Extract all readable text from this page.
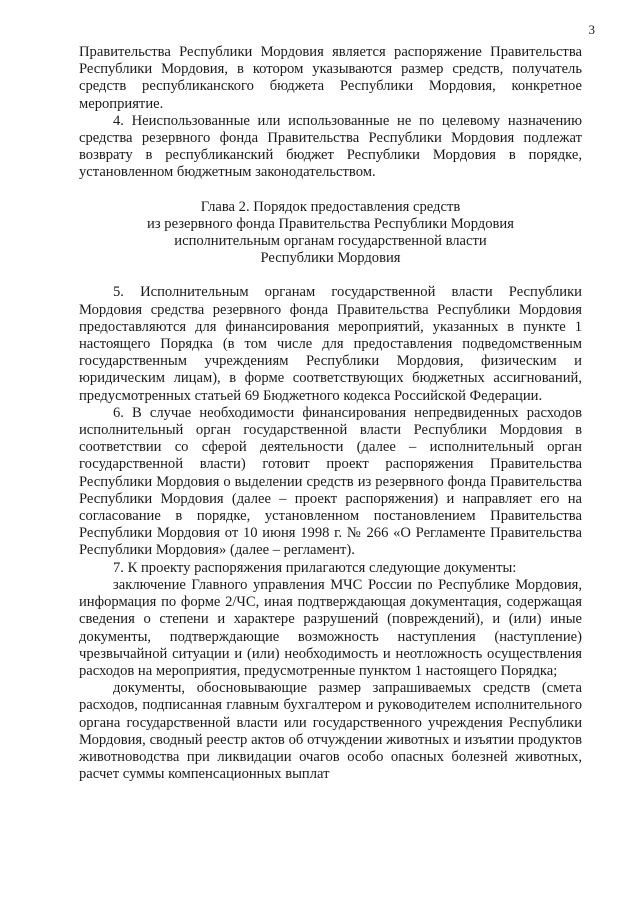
3

Правительства Республики Мордовия является распоряжение Правительства Республики Мордовия, в котором указываются размер средств, получатель средств республиканского бюджета Республики Мордовия, конкретное мероприятие.

4. Неиспользованные или использованные не по целевому назначению средства резервного фонда Правительства Республики Мордовия подлежат возврату в республиканский бюджет Республики Мордовия в порядке, установленном бюджетным законодательством.

Глава 2. Порядок предоставления средств
из резервного фонда Правительства Республики Мордовия
исполнительным органам государственной власти
Республики Мордовия

5. Исполнительным органам государственной власти Республики Мордовия средства резервного фонда Правительства Республики Мордовия предоставляются для финансирования мероприятий, указанных в пункте 1 настоящего Порядка (в том числе для предоставления подведомственным государственным учреждениям Республики Мордовия, физическим и юридическим лицам), в форме соответствующих бюджетных ассигнований, предусмотренных статьей 69 Бюджетного кодекса Российской Федерации.

6. В случае необходимости финансирования непредвиденных расходов исполнительный орган государственной власти Республики Мордовия в соответствии со сферой деятельности (далее – исполнительный орган государственной власти) готовит проект распоряжения Правительства Республики Мордовия о выделении средств из резервного фонда Правительства Республики Мордовия (далее – проект распоряжения) и направляет его на согласование в порядке, установленном постановлением Правительства Республики Мордовия от 10 июня 1998 г. № 266 «О Регламенте Правительства Республики Мордовия» (далее – регламент).

7. К проекту распоряжения прилагаются следующие документы:

заключение Главного управления МЧС России по Республике Мордовия, информация по форме 2/ЧС, иная подтверждающая документация, содержащая сведения о степени и характере разрушений (повреждений), и (или) иные документы, подтверждающие возможность наступления (наступление) чрезвычайной ситуации и (или) необходимость и неотложность осуществления расходов на мероприятия, предусмотренные пунктом 1 настоящего Порядка;

документы, обосновывающие размер запрашиваемых средств (смета расходов, подписанная главным бухгалтером и руководителем исполнительного органа государственной власти или государственного учреждения Республики Мордовия, сводный реестр актов об отчуждении животных и изъятии продуктов животноводства при ликвидации очагов особо опасных болезней животных, расчет суммы компенсационных выплат
